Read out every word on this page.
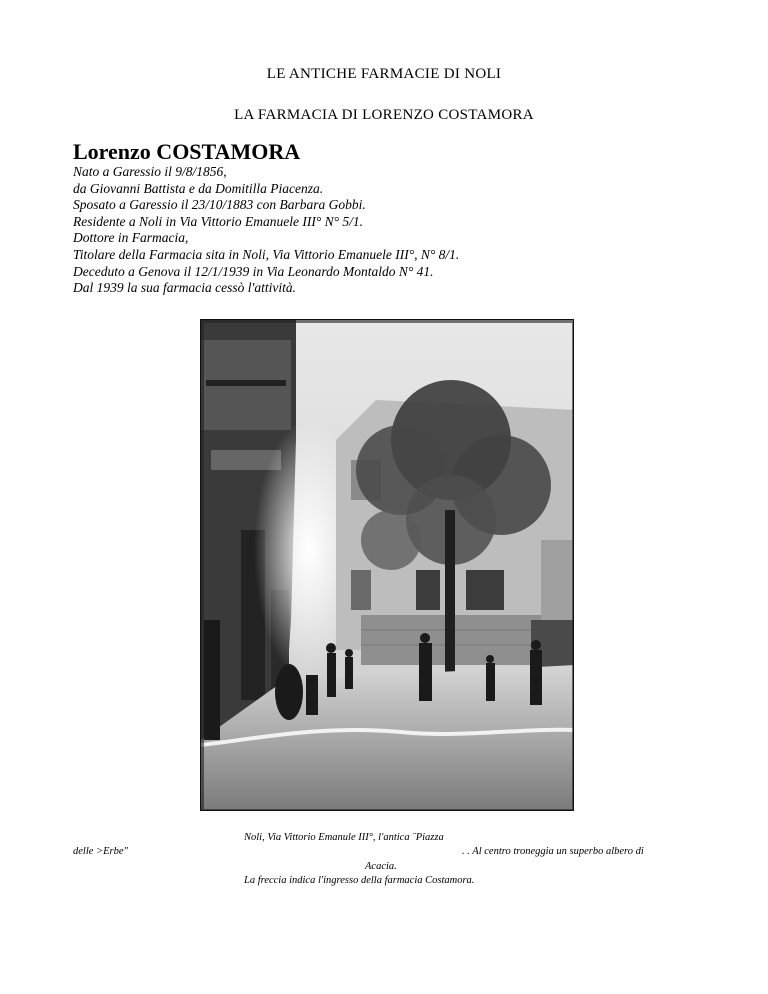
LE ANTICHE FARMACIE DI NOLI
LA FARMACIA DI LORENZO COSTAMORA
Lorenzo COSTAMORA
Nato a Garessio il 9/8/1856,
da Giovanni Battista e da Domitilla Piacenza.
Sposato a Garessio il 23/10/1883 con Barbara Gobbi.
Residente a Noli in Via Vittorio Emanuele III° N° 5/1.
Dottore in Farmacia,
Titolare della Farmacia sita in Noli, Via Vittorio Emanuele III°, N° 8/1.
Deceduto a Genova il 12/1/1939 in Via Leonardo Montaldo N° 41.
Dal 1939 la sua farmacia cessò l'attività.
Noli, Via Vittorio Emanule III°, l'antica ¨Piazza
delle >Erbe"	. . Al centro troneggia un superbo albero di
Acacia.
La freccia indica l'ingresso della farmacia Costamora.
